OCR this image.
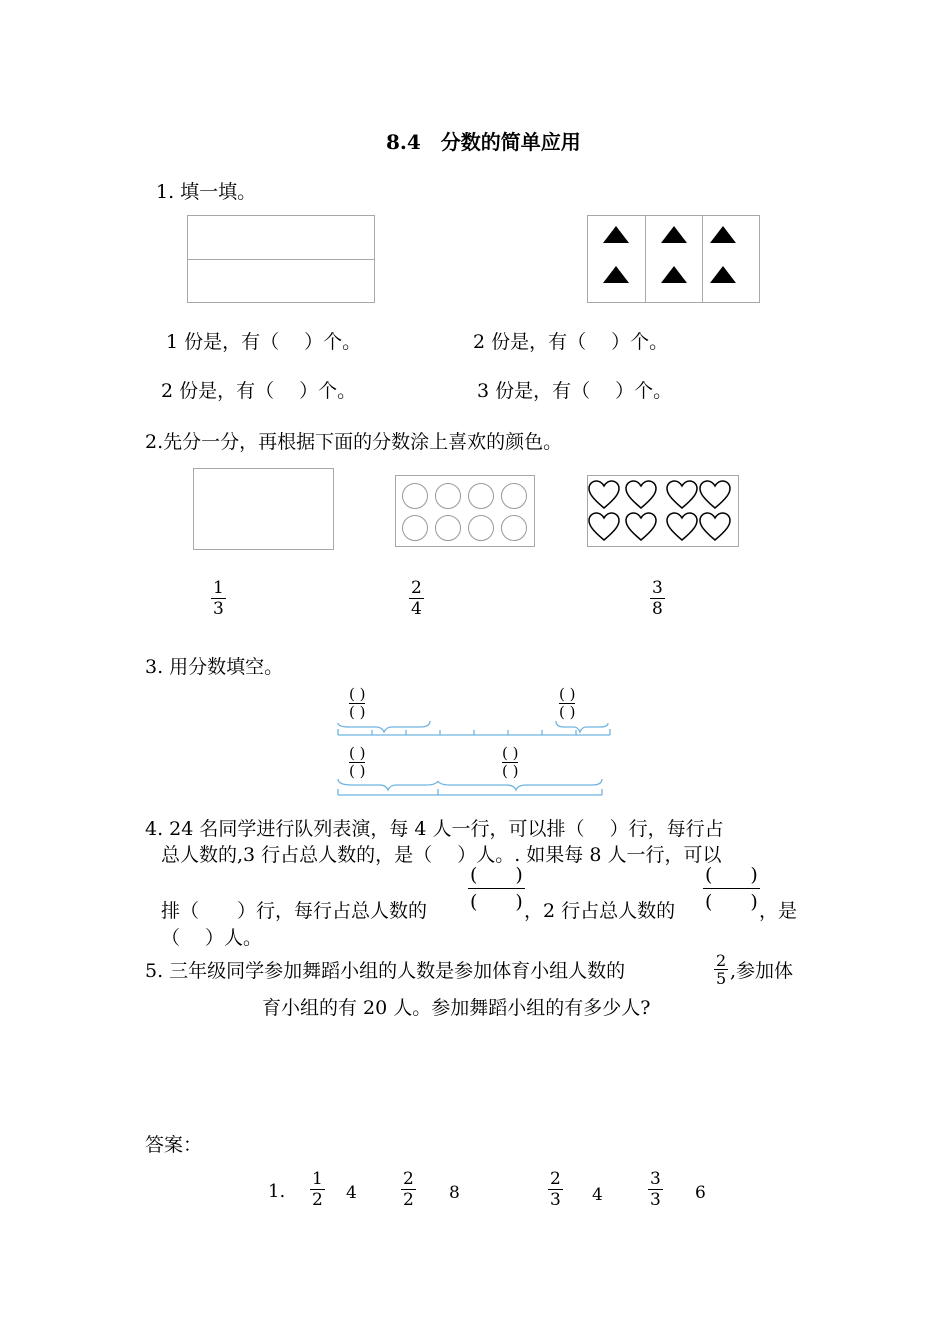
8.4　分数的简单应用
1. 填一填。
1 份是，有（　 ）个。	2 份是，有（　 ）个。
2 份是，有（　 ）个。	3 份是，有（　 ）个。
2.先分一分，再根据下面的分数涂上喜欢的颜色。
1
3
2
4
3
8
3. 用分数填空。
( )
( )
( )
( )
( )
( )
( )
( )
4. 24 名同学进行队列表演，每 4 人一行，可以排（　 ）行，每行占
总人数的,3 行占总人数的，是（　 ）人。. 如果每 8 人一行，可以
排（　　）行，每行占总人数的
(　　)
(　　) ，2 行占总人数的
(　　)
(　　) ，是
（　 ）人。
5. 三年级同学参加舞蹈小组的人数是参加体育小组人数的	2
5 ,参加体
育小组的有 20 人。参加舞蹈小组的有多少人?
答案：
1.
1
2 4
2
2 8
2
3 4
3
3 6
